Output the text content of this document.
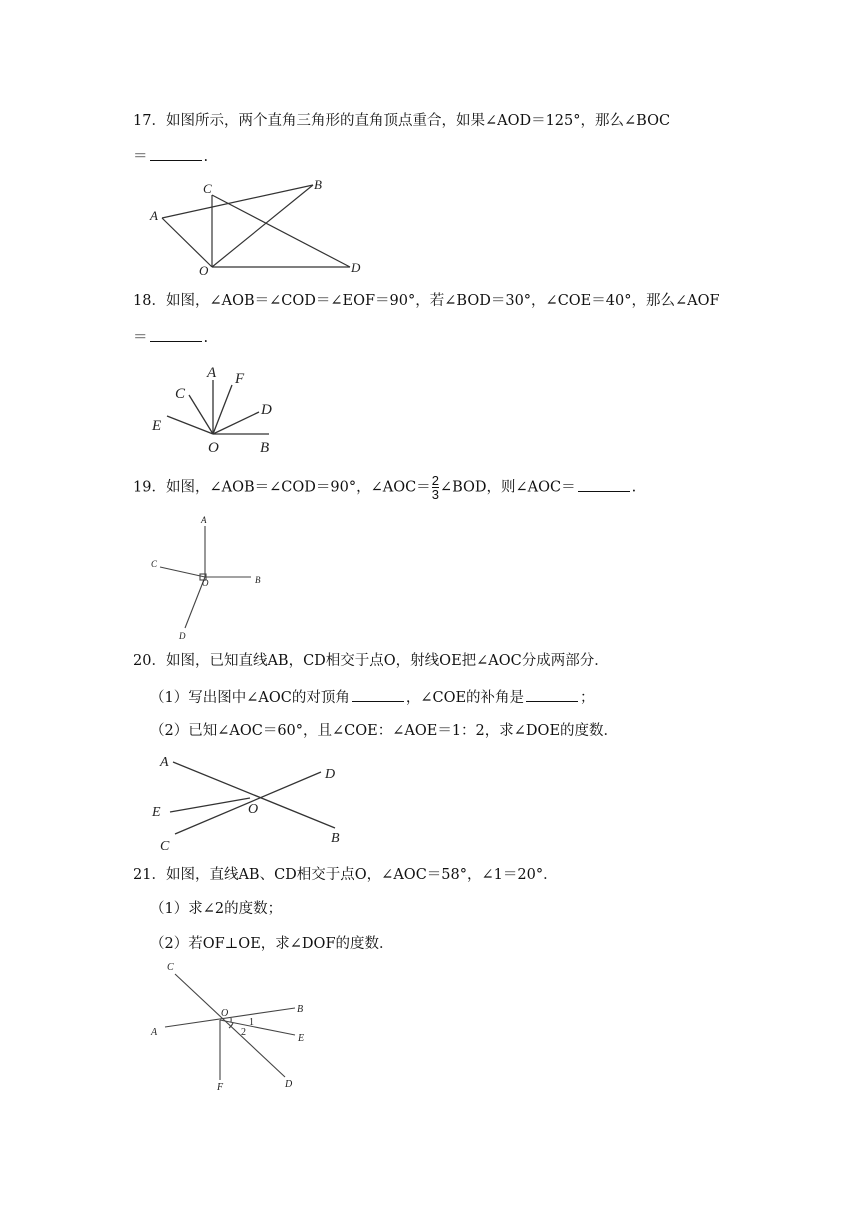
17．如图所示，两个直角三角形的直角顶点重合，如果∠AOD＝125°，那么∠BOC
＝	.
A
C	B
O	D
18．如图，∠AOB＝∠COD＝∠EOF＝90°，若∠BOD＝30°，∠COE＝40°，那么∠AOF
＝	.
A
C
F
D
E
O	B
19．如图，∠AOB＝∠COD＝90°，∠AOC＝ $\frac{2}{3}$ ∠BOD，则∠AOC＝	.
A
C
B
O
D
20．如图，已知直线AB，CD相交于点O，射线OE把∠AOC分成两部分．
（1）写出图中∠AOC的对顶角	，∠COE的补角是	；
（2）已知∠AOC＝60°，且∠COE：∠AOE＝1：2，求∠DOE的度数．
A
D
E	O
B
C
21．如图，直线AB、CD相交于点O，∠AOC＝58°，∠1＝20°．
（1）求∠2的度数；
（2）若OF⊥OE，求∠DOF的度数．
C
O	B
A
E
1
2
F	D
